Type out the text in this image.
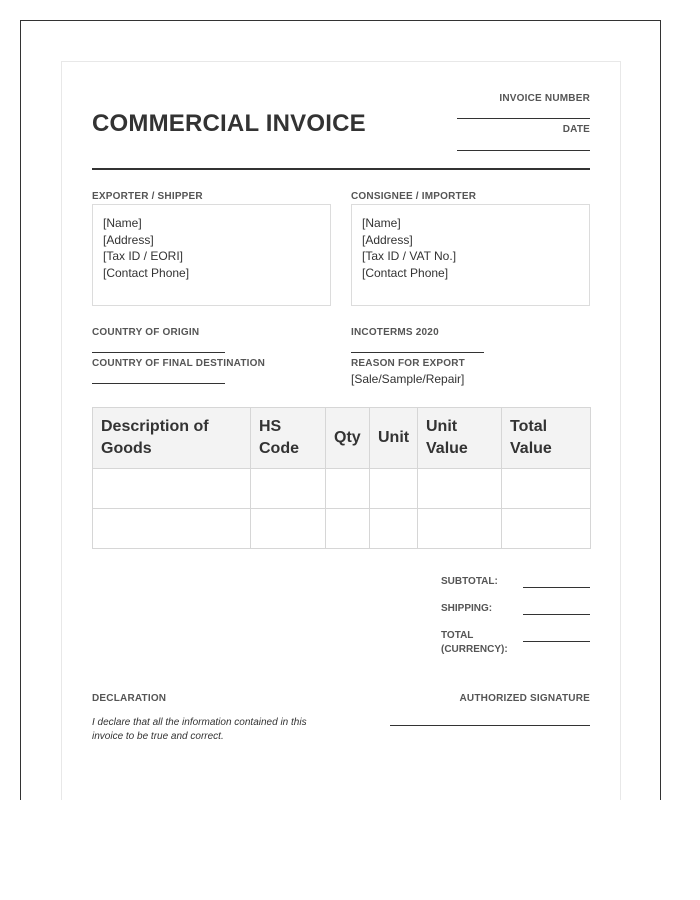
COMMERCIAL INVOICE
INVOICE NUMBER
DATE
EXPORTER / SHIPPER
[Name]
[Address]
[Tax ID / EORI]
[Contact Phone]
CONSIGNEE / IMPORTER
[Name]
[Address]
[Tax ID / VAT No.]
[Contact Phone]
COUNTRY OF ORIGIN
COUNTRY OF FINAL DESTINATION
INCOTERMS 2020
REASON FOR EXPORT
[Sale/Sample/Repair]
Description of Goods	HS Code	Qty	Unit	Unit Value	Total Value

SUBTOTAL:
SHIPPING:
TOTAL
(CURRENCY):
DECLARATION
I declare that all the information contained in this invoice to be true and correct.
AUTHORIZED SIGNATURE
